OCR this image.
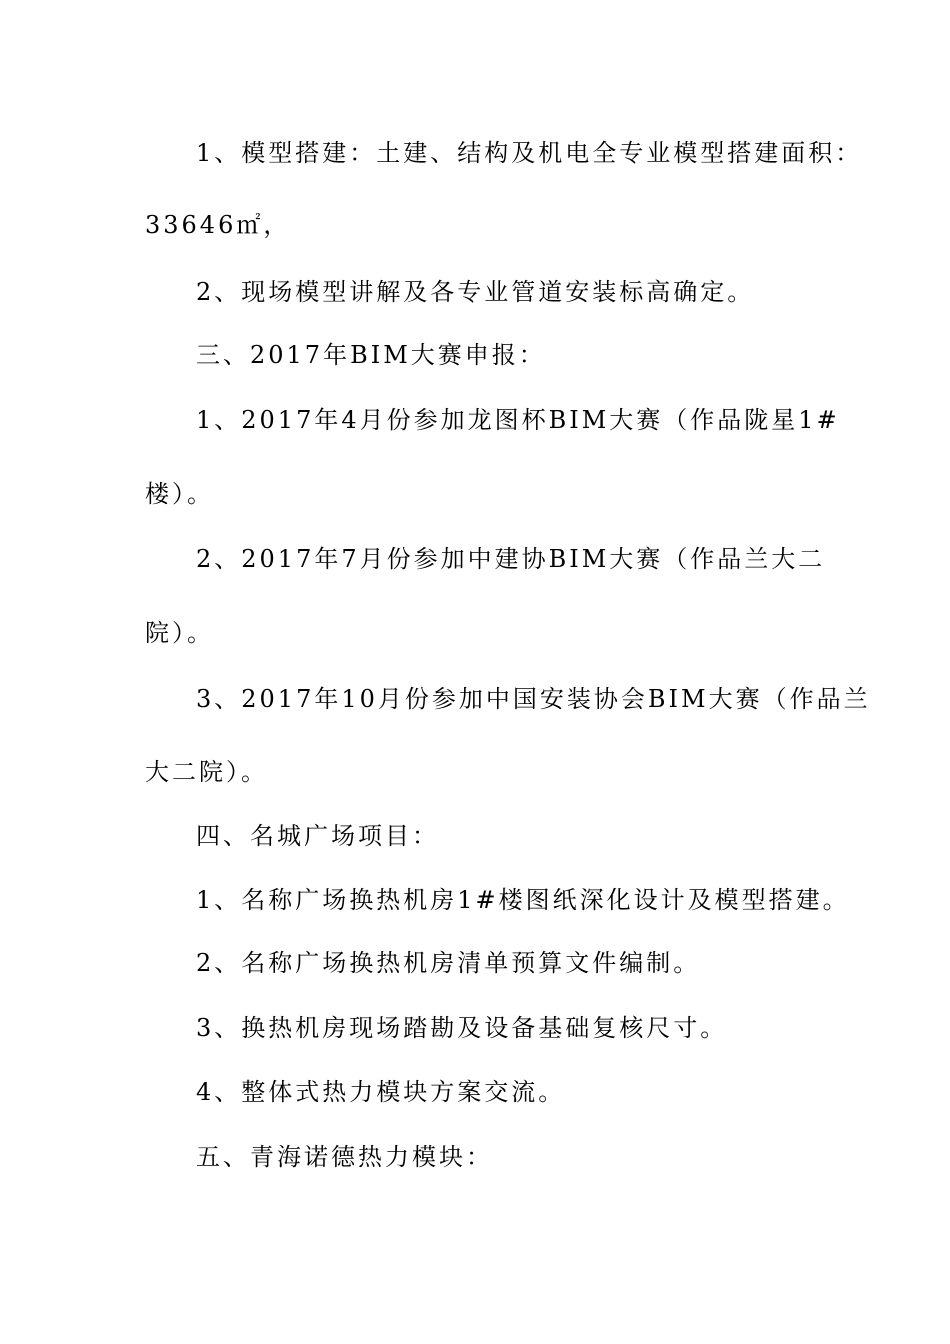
1、模型搭建：土建、结构及机电全专业模型搭建面积：
33646㎡，
2、现场模型讲解及各专业管道安装标高确定。
三、2017年BIM大赛申报：
1、2017年4月份参加龙图杯BIM大赛（作品陇星1#
楼）。
2、2017年7月份参加中建协BIM大赛（作品兰大二
院）。
3、2017年10月份参加中国安装协会BIM大赛（作品兰
大二院）。
四、名城广场项目：
1、名称广场换热机房1#楼图纸深化设计及模型搭建。
2、名称广场换热机房清单预算文件编制。
3、换热机房现场踏勘及设备基础复核尺寸。
4、整体式热力模块方案交流。
五、青海诺德热力模块：
